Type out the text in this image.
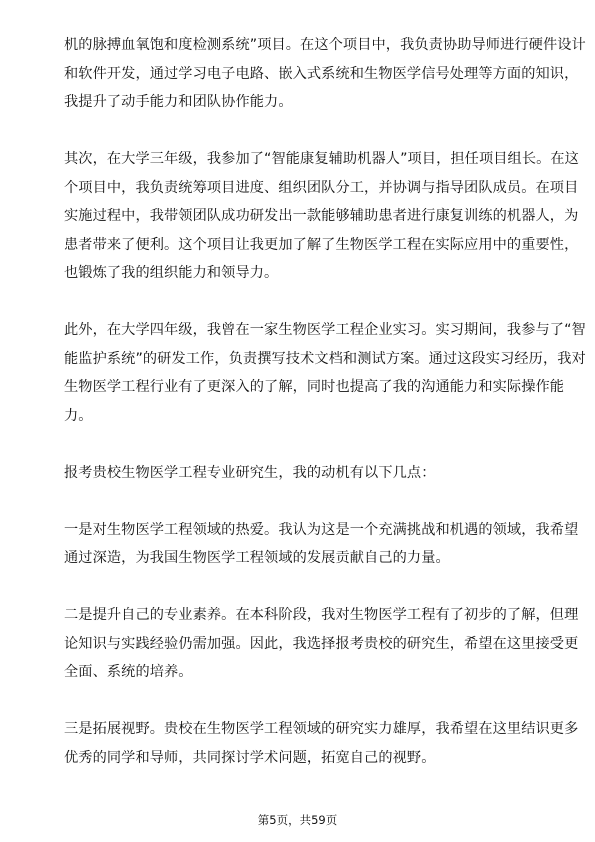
机的脉搏血氧饱和度检测系统”项目。在这个项目中，我负责协助导师进行硬件设计
和软件开发，通过学习电子电路、嵌入式系统和生物医学信号处理等方面的知识，
我提升了动手能力和团队协作能力。

其次，在大学三年级，我参加了“智能康复辅助机器人”项目，担任项目组长。在这
个项目中，我负责统筹项目进度、组织团队分工，并协调与指导团队成员。在项目
实施过程中，我带领团队成功研发出一款能够辅助患者进行康复训练的机器人，为
患者带来了便利。这个项目让我更加了解了生物医学工程在实际应用中的重要性，
也锻炼了我的组织能力和领导力。

此外，在大学四年级，我曾在一家生物医学工程企业实习。实习期间，我参与了“智
能监护系统”的研发工作，负责撰写技术文档和测试方案。通过这段实习经历，我对
生物医学工程行业有了更深入的了解，同时也提高了我的沟通能力和实际操作能
力。

报考贵校生物医学工程专业研究生，我的动机有以下几点：

一是对生物医学工程领域的热爱。我认为这是一个充满挑战和机遇的领域，我希望
通过深造，为我国生物医学工程领域的发展贡献自己的力量。

二是提升自己的专业素养。在本科阶段，我对生物医学工程有了初步的了解，但理
论知识与实践经验仍需加强。因此，我选择报考贵校的研究生，希望在这里接受更
全面、系统的培养。

三是拓展视野。贵校在生物医学工程领域的研究实力雄厚，我希望在这里结识更多
优秀的同学和导师，共同探讨学术问题，拓宽自己的视野。

第5页，共59页
